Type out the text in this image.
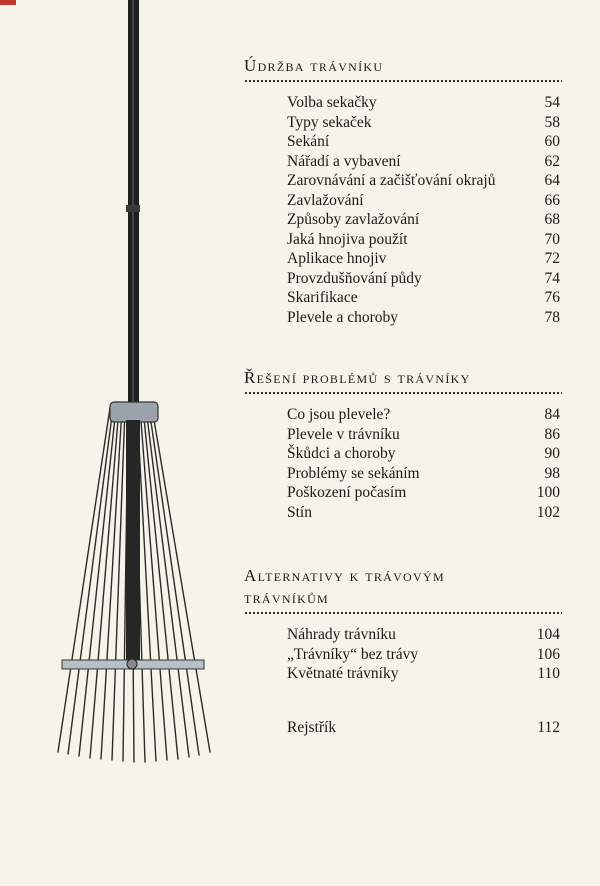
Údržba trávníku
Volba sekačky	54
Typy sekaček	58
Sekání	60
Nářadí a vybavení	62
Zarovnávání a začišťování okrajů	64
Zavlažování	66
Způsoby zavlažování	68
Jaká hnojiva použít	70
Aplikace hnojiv	72
Provzdušňování půdy	74
Skarifikace	76
Plevele a choroby	78
Řešení problémů s trávníky
Co jsou plevele?	84
Plevele v trávníku	86
Škůdci a choroby	90
Problémy se sekáním	98
Poškození počasím	100
Stín	102
Alternativy k trávovým
trávníkům
Náhrady trávníku	104
„Trávníky“ bez trávy	106
Květnaté trávníky	110
Rejstřík	112
